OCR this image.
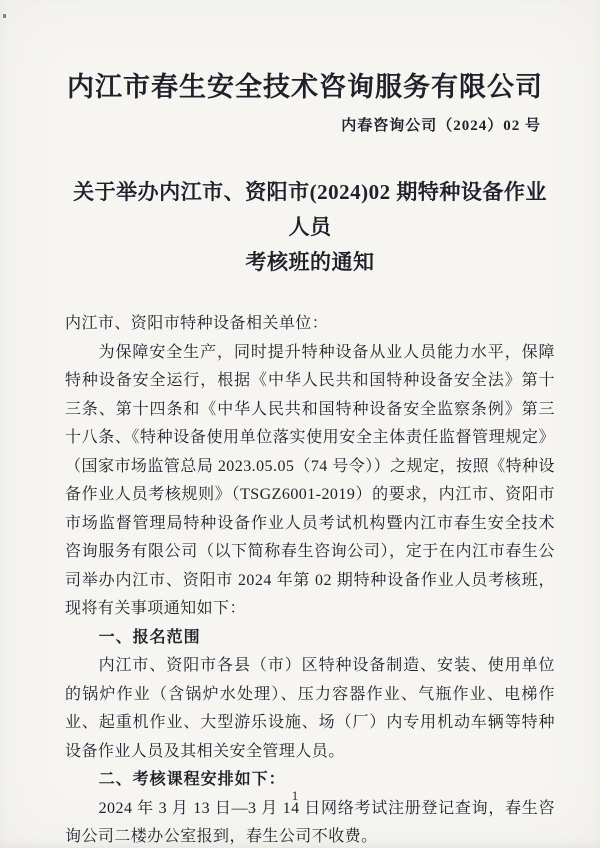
内江市春生安全技术咨询服务有限公司
内春咨询公司（2024）02 号
关于举办内江市、资阳市(2024)02 期特种设备作业人员
考核班的通知

内江市、资阳市特种设备相关单位：

为保障安全生产，同时提升特种设备从业人员能力水平，保障特种设备安全运行，根据《中华人民共和国特种设备安全法》第十三条、第十四条和《中华人民共和国特种设备安全监察条例》第三十八条、《特种设备使用单位落实使用安全主体责任监督管理规定》（国家市场监管总局 2023.05.05（74 号令））之规定，按照《特种设备作业人员考核规则》（TSGZ6001-2019）的要求，内江市、资阳市市场监督管理局特种设备作业人员考试机构暨内江市春生安全技术咨询服务有限公司（以下简称春生咨询公司），定于在内江市春生公司举办内江市、资阳市 2024 年第 02 期特种设备作业人员考核班，现将有关事项通知如下：

一、报名范围

内江市、资阳市各县（市）区特种设备制造、安装、使用单位的锅炉作业（含锅炉水处理）、压力容器作业、气瓶作业、电梯作业、起重机作业、大型游乐设施、场（厂）内专用机动车辆等特种设备作业人员及其相关安全管理人员。

二、考核课程安排如下：

2024 年 3 月 13 日—3 月 14 日网络考试注册登记查询，春生咨询公司二楼办公室报到，春生公司不收费。

1
